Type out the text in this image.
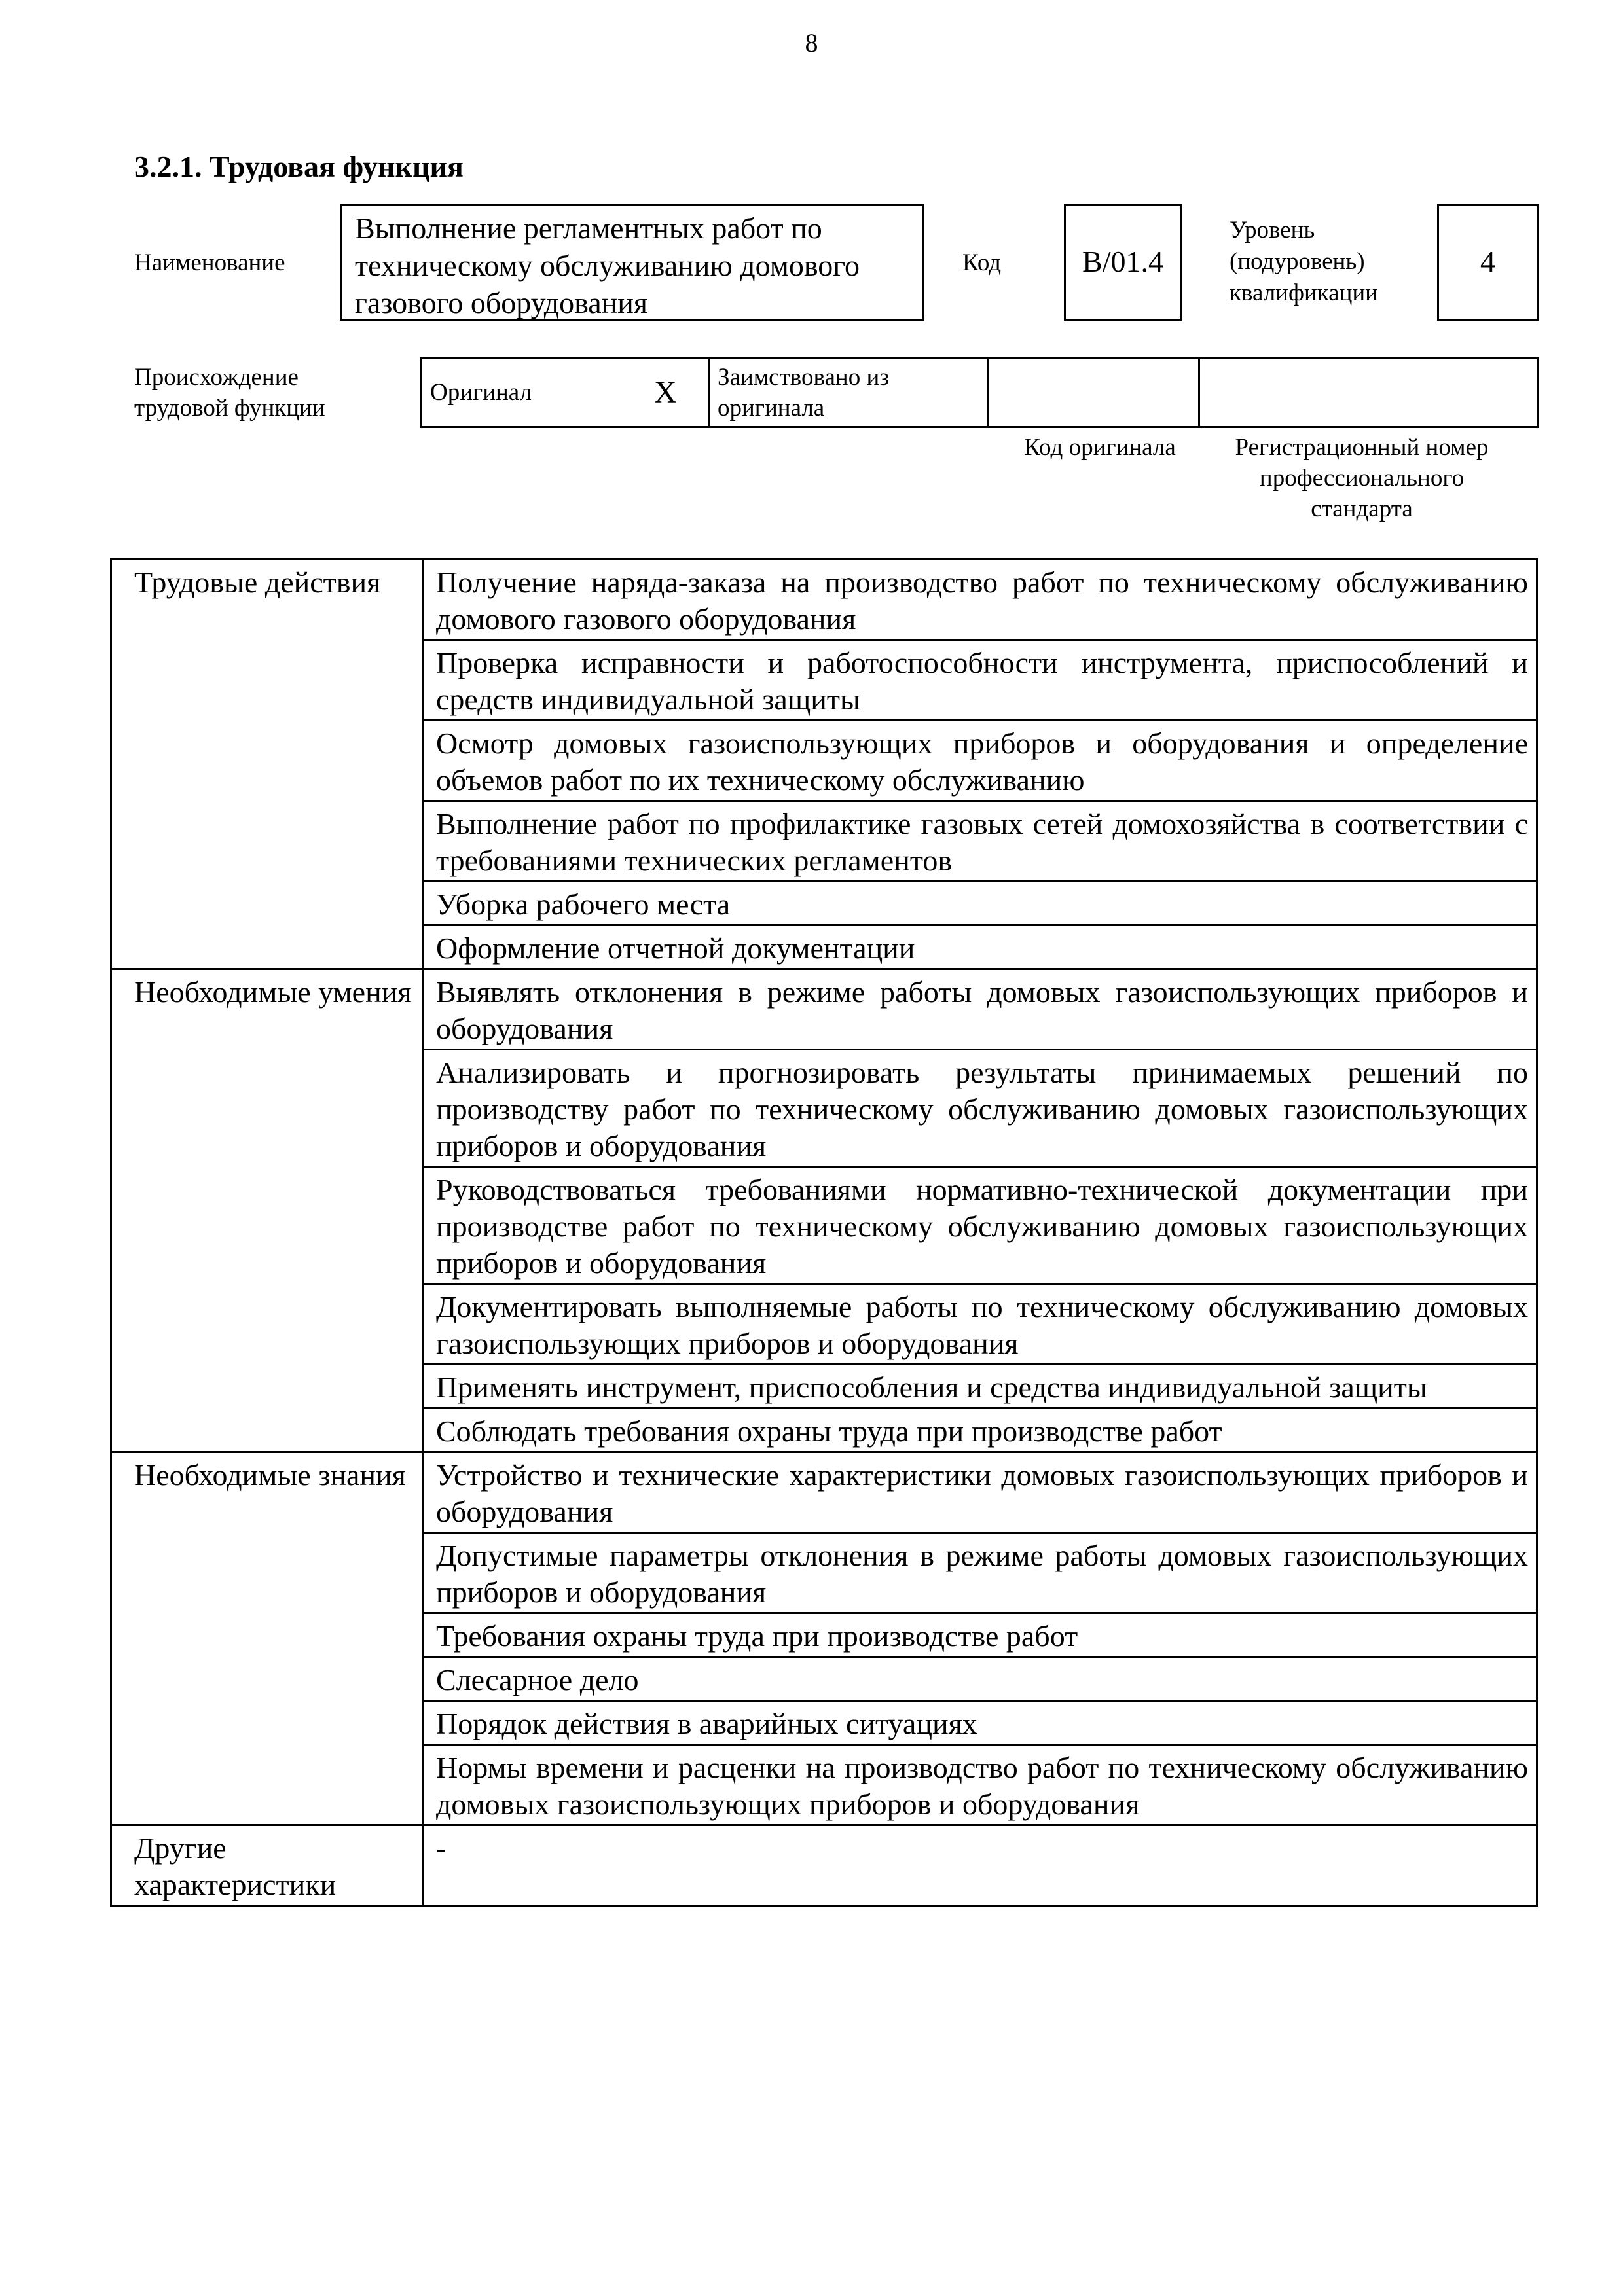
8
3.2.1. Трудовая функция
Наименование
Выполнение регламентных работ по техническому обслуживанию домового газового оборудования
Код	B/01.4
Уровень (подуровень) квалификации
4
Происхождение трудовой функции
Оригинал	X	Заимствовано из оригинала		
Код оригинала	Регистрационный номер профессионального стандарта
Трудовые действия	Получение наряда-заказа на производство работ по техническому обслуживанию домового газового оборудования
	Проверка исправности и работоспособности инструмента, приспособлений и средств индивидуальной защиты
	Осмотр домовых газоиспользующих приборов и оборудования и определение объемов работ по их техническому обслуживанию
	Выполнение работ по профилактике газовых сетей домохозяйства в соответствии с требованиями технических регламентов
	Уборка рабочего места
	Оформление отчетной документации
Необходимые умения	Выявлять отклонения в режиме работы домовых газоиспользующих приборов и оборудования
	Анализировать и прогнозировать результаты принимаемых решений по производству работ по техническому обслуживанию домовых газоиспользующих приборов и оборудования
	Руководствоваться требованиями нормативно-технической документации при производстве работ по техническому обслуживанию домовых газоиспользующих приборов и оборудования
	Документировать выполняемые работы по техническому обслуживанию домовых газоиспользующих приборов и оборудования
	Применять инструмент, приспособления и средства индивидуальной защиты
	Соблюдать требования охраны труда при производстве работ
Необходимые знания	Устройство и технические характеристики домовых газоиспользующих приборов и оборудования
	Допустимые параметры отклонения в режиме работы домовых газоиспользующих приборов и оборудования
	Требования охраны труда при производстве работ
	Слесарное дело
	Порядок действия в аварийных ситуациях
	Нормы времени и расценки на производство работ по техническому обслуживанию домовых газоиспользующих приборов и оборудования
Другие характеристики	-
